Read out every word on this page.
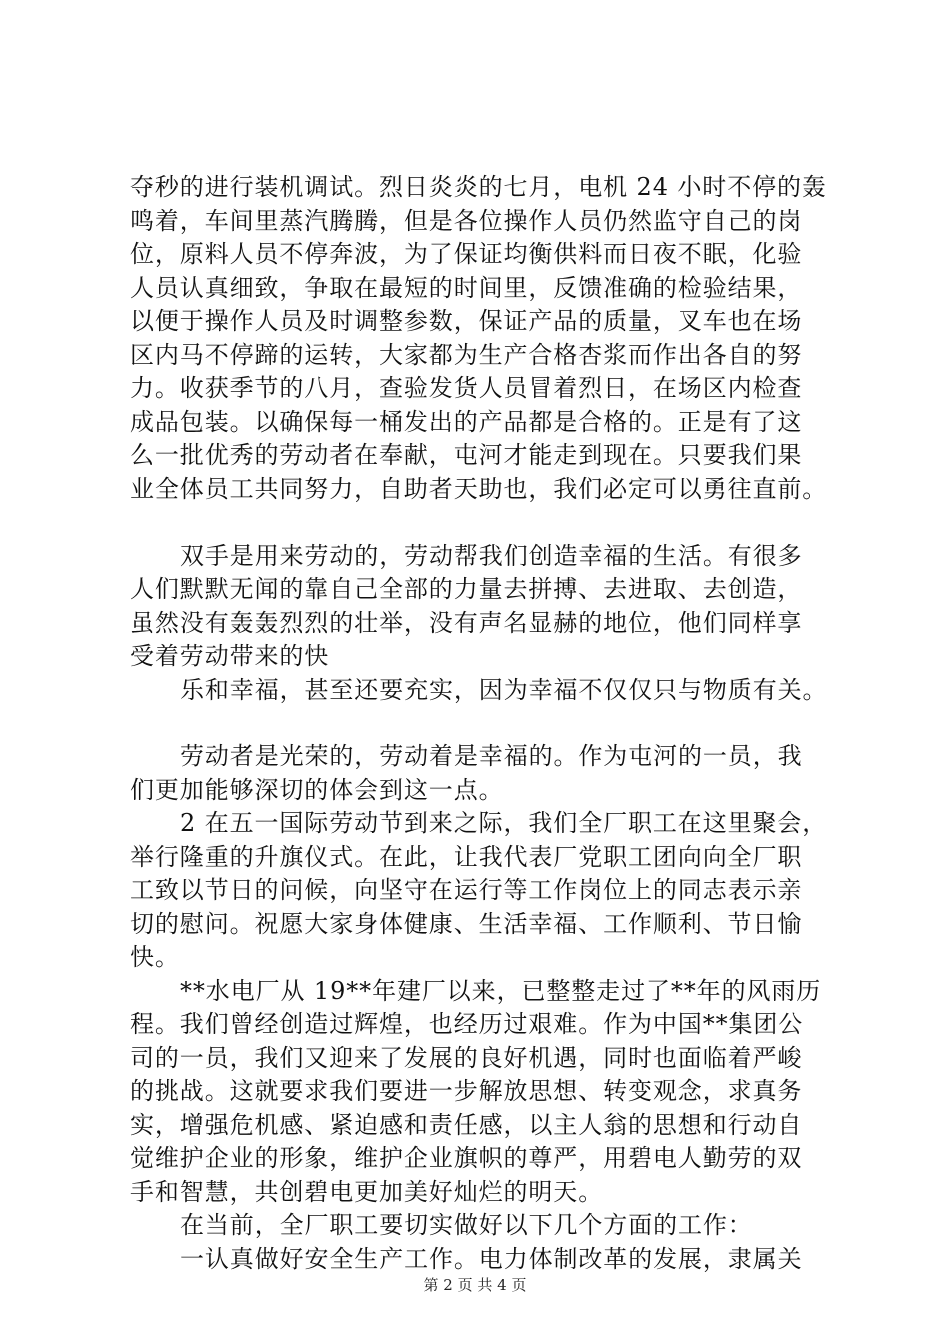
夺秒的进行装机调试。烈日炎炎的七月，电机 24 小时不停的轰
鸣着，车间里蒸汽腾腾，但是各位操作人员仍然监守自己的岗
位，原料人员不停奔波，为了保证均衡供料而日夜不眠，化验
人员认真细致，争取在最短的时间里，反馈准确的检验结果，
以便于操作人员及时调整参数，保证产品的质量，叉车也在场
区内马不停蹄的运转，大家都为生产合格杏浆而作出各自的努
力。收获季节的八月，查验发货人员冒着烈日，在场区内检查
成品包装。以确保每一桶发出的产品都是合格的。正是有了这
么一批优秀的劳动者在奉献，屯河才能走到现在。只要我们果
业全体员工共同努力，自助者天助也，我们必定可以勇往直前。
双手是用来劳动的，劳动帮我们创造幸福的生活。有很多
人们默默无闻的靠自己全部的力量去拼搏、去进取、去创造，
虽然没有轰轰烈烈的壮举，没有声名显赫的地位，他们同样享
受着劳动带来的快
乐和幸福，甚至还要充实，因为幸福不仅仅只与物质有关。
劳动者是光荣的，劳动着是幸福的。作为屯河的一员，我
们更加能够深切的体会到这一点。
2 在五一国际劳动节到来之际，我们全厂职工在这里聚会，
举行隆重的升旗仪式。在此，让我代表厂党职工团向向全厂职
工致以节日的问候，向坚守在运行等工作岗位上的同志表示亲
切的慰问。祝愿大家身体健康、生活幸福、工作顺利、节日愉
快。
**水电厂从 19**年建厂以来，已整整走过了**年的风雨历
程。我们曾经创造过辉煌，也经历过艰难。作为中国**集团公
司的一员，我们又迎来了发展的良好机遇，同时也面临着严峻
的挑战。这就要求我们要进一步解放思想、转变观念，求真务
实，增强危机感、紧迫感和责任感，以主人翁的思想和行动自
觉维护企业的形象，维护企业旗帜的尊严，用碧电人勤劳的双
手和智慧，共创碧电更加美好灿烂的明天。
在当前，全厂职工要切实做好以下几个方面的工作：
一认真做好安全生产工作。电力体制改革的发展，隶属关
第 2 页 共 4 页
